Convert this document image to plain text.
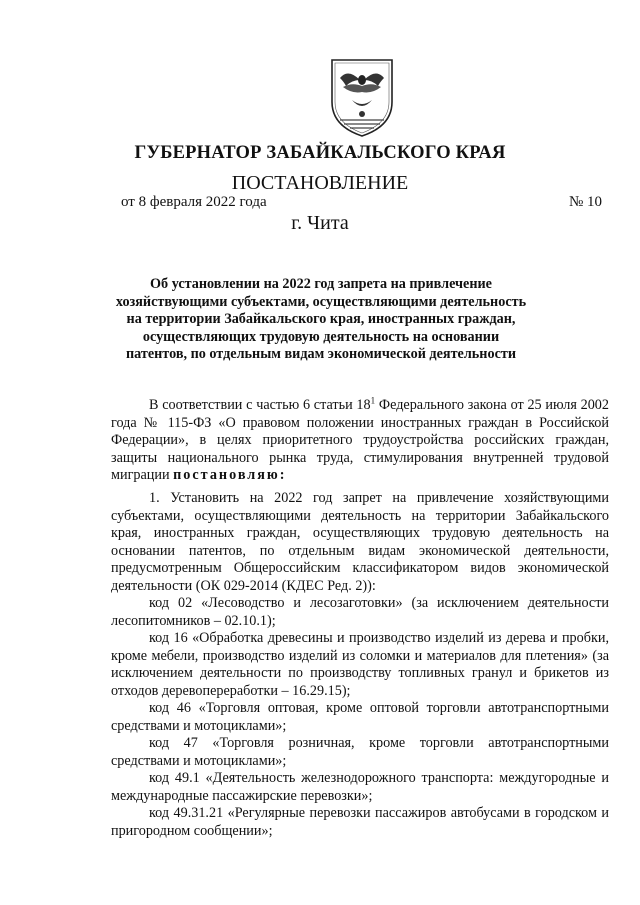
ГУБЕРНАТОР ЗАБАЙКАЛЬСКОГО КРАЯ

ПОСТАНОВЛЕНИЕ

от 8 февраля 2022 года	№ 10
г. Чита

Об установлении на 2022 год запрета на привлечение хозяйствующими субъектами, осуществляющими деятельность на территории Забайкальского края, иностранных граждан, осуществляющих трудовую деятельность на основании патентов, по отдельным видам экономической деятельности

В соответствии с частью 6 статьи $18^1$ Федерального закона от 25 июля 2002 года № 115-ФЗ «О правовом положении иностранных граждан в Российской Федерации», в целях приоритетного трудоустройства российских граждан, защиты национального рынка труда, стимулирования внутренней трудовой миграции постановляю:

1. Установить на 2022 год запрет на привлечение хозяйствующими субъектами, осуществляющими деятельность на территории Забайкальского края, иностранных граждан, осуществляющих трудовую деятельность на основании патентов, по отдельным видам экономической деятельности, предусмотренным Общероссийским классификатором видов экономической деятельности (ОК 029-2014 (КДЕС Ред. 2)):

код 02 «Лесоводство и лесозаготовки» (за исключением деятельности лесопитомников – 02.10.1);

код 16 «Обработка древесины и производство изделий из дерева и пробки, кроме мебели, производство изделий из соломки и материалов для плетения» (за исключением деятельности по производству топливных гранул и брикетов из отходов деревопереработки – 16.29.15);

код 46 «Торговля оптовая, кроме оптовой торговли автотранспортными средствами и мотоциклами»;

код 47 «Торговля розничная, кроме торговли автотранспортными средствами и мотоциклами»;

код 49.1 «Деятельность железнодорожного транспорта: междугородные и международные пассажирские перевозки»;

код 49.31.21 «Регулярные перевозки пассажиров автобусами в городском и пригородном сообщении»;
